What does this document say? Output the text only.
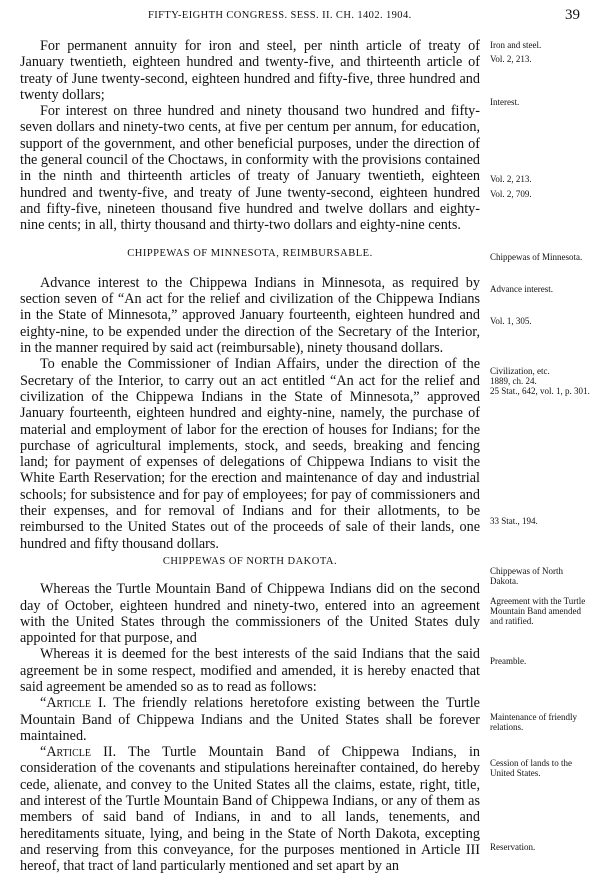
FIFTY-EIGHTH CONGRESS. SESS. II. CH. 1402. 1904.	39

For permanent annuity for iron and steel, per ninth article of treaty of January twentieth, eighteen hundred and twenty-five, and thirteenth article of treaty of June twenty-second, eighteen hundred and fifty-five, three hundred and twenty dollars;

For interest on three hundred and ninety thousand two hundred and fifty-seven dollars and ninety-two cents, at five per centum per annum, for education, support of the government, and other beneficial purposes, under the direction of the general council of the Choctaws, in conformity with the provisions contained in the ninth and thirteenth articles of treaty of January twentieth, eighteen hundred and twenty-five, and treaty of June twenty-second, eighteen hundred and fifty-five, nineteen thousand five hundred and twelve dollars and eighty-nine cents; in all, thirty thousand and thirty-two dollars and eighty-nine cents.

CHIPPEWAS OF MINNESOTA, REIMBURSABLE.

Advance interest to the Chippewa Indians in Minnesota, as required by section seven of “An act for the relief and civilization of the Chippewa Indians in the State of Minnesota,” approved January fourteenth, eighteen hundred and eighty-nine, to be expended under the direction of the Secretary of the Interior, in the manner required by said act (reimbursable), ninety thousand dollars.

To enable the Commissioner of Indian Affairs, under the direction of the Secretary of the Interior, to carry out an act entitled “An act for the relief and civilization of the Chippewa Indians in the State of Minnesota,” approved January fourteenth, eighteen hundred and eighty-nine, namely, the purchase of material and employment of labor for the erection of houses for Indians; for the purchase of agricultural implements, stock, and seeds, breaking and fencing land; for payment of expenses of delegations of Chippewa Indians to visit the White Earth Reservation; for the erection and maintenance of day and industrial schools; for subsistence and for pay of employees; for pay of commissioners and their expenses, and for removal of Indians and for their allotments, to be reimbursed to the United States out of the proceeds of sale of their lands, one hundred and fifty thousand dollars.

CHIPPEWAS OF NORTH DAKOTA.

Whereas the Turtle Mountain Band of Chippewa Indians did on the second day of October, eighteen hundred and ninety-two, entered into an agreement with the United States through the commissioners of the United States duly appointed for that purpose, and

Whereas it is deemed for the best interests of the said Indians that the said agreement be in some respect, modified and amended, it is hereby enacted that said agreement be amended so as to read as follows:

“Article I. The friendly relations heretofore existing between the Turtle Mountain Band of Chippewa Indians and the United States shall be forever maintained.

“Article II. The Turtle Mountain Band of Chippewa Indians, in consideration of the covenants and stipulations hereinafter contained, do hereby cede, alienate, and convey to the United States all the claims, estate, right, title, and interest of the Turtle Mountain Band of Chippewa Indians, or any of them as members of said band of Indians, in and to all lands, tenements, and hereditaments situate, lying, and being in the State of North Dakota, excepting and reserving from this conveyance, for the purposes mentioned in Article III hereof, that tract of land particularly mentioned and set apart by an

Iron and steel.
Vol. 2, 213.
Interest.
Vol. 2, 213.
Vol. 2, 709.
Chippewas of Minnesota.
Advance interest.
Vol. 1, 305.
Civilization, etc.
1889, ch. 24.
25 Stat., 642, vol. 1, p. 301.
33 Stat., 194.
Chippewas of North Dakota.
Agreement with the Turtle Mountain Band amended and ratified.
Preamble.
Maintenance of friendly relations.
Cession of lands to the United States.
Reservation.
